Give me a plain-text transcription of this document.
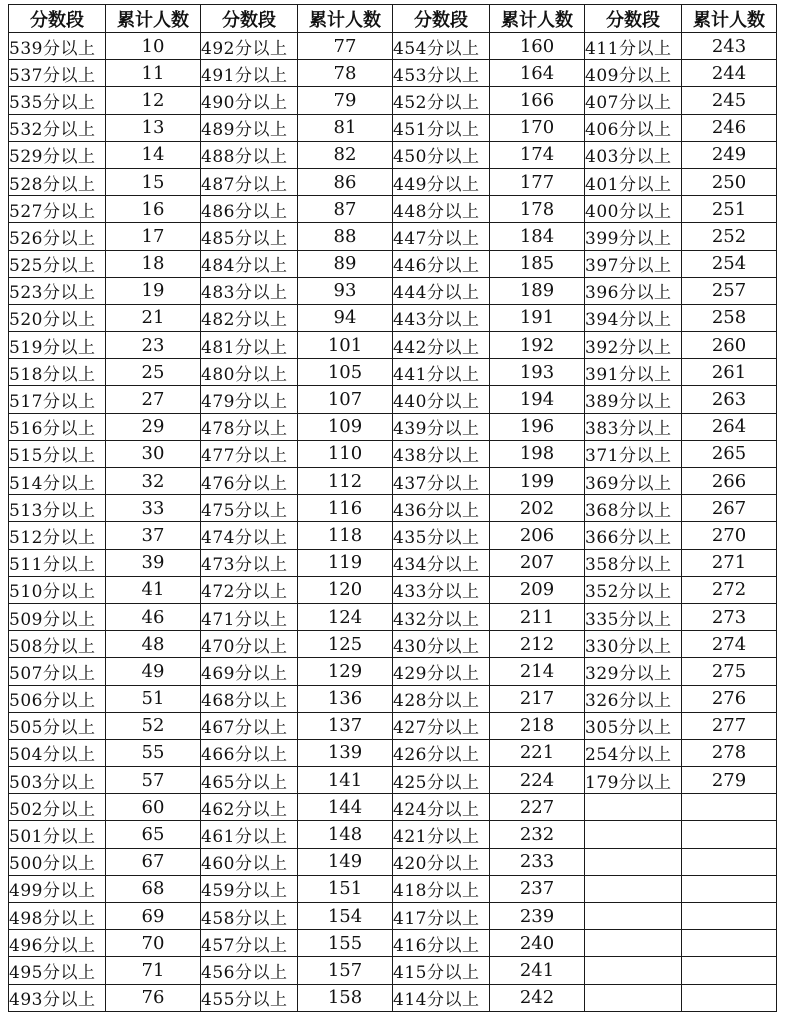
分数段	累计人数	分数段	累计人数	分数段	累计人数	分数段	累计人数
539分以上	10	492分以上	77	454分以上	160	411分以上	243
537分以上	11	491分以上	78	453分以上	164	409分以上	244
535分以上	12	490分以上	79	452分以上	166	407分以上	245
532分以上	13	489分以上	81	451分以上	170	406分以上	246
529分以上	14	488分以上	82	450分以上	174	403分以上	249
528分以上	15	487分以上	86	449分以上	177	401分以上	250
527分以上	16	486分以上	87	448分以上	178	400分以上	251
526分以上	17	485分以上	88	447分以上	184	399分以上	252
525分以上	18	484分以上	89	446分以上	185	397分以上	254
523分以上	19	483分以上	93	444分以上	189	396分以上	257
520分以上	21	482分以上	94	443分以上	191	394分以上	258
519分以上	23	481分以上	101	442分以上	192	392分以上	260
518分以上	25	480分以上	105	441分以上	193	391分以上	261
517分以上	27	479分以上	107	440分以上	194	389分以上	263
516分以上	29	478分以上	109	439分以上	196	383分以上	264
515分以上	30	477分以上	110	438分以上	198	371分以上	265
514分以上	32	476分以上	112	437分以上	199	369分以上	266
513分以上	33	475分以上	116	436分以上	202	368分以上	267
512分以上	37	474分以上	118	435分以上	206	366分以上	270
511分以上	39	473分以上	119	434分以上	207	358分以上	271
510分以上	41	472分以上	120	433分以上	209	352分以上	272
509分以上	46	471分以上	124	432分以上	211	335分以上	273
508分以上	48	470分以上	125	430分以上	212	330分以上	274
507分以上	49	469分以上	129	429分以上	214	329分以上	275
506分以上	51	468分以上	136	428分以上	217	326分以上	276
505分以上	52	467分以上	137	427分以上	218	305分以上	277
504分以上	55	466分以上	139	426分以上	221	254分以上	278
503分以上	57	465分以上	141	425分以上	224	179分以上	279
502分以上	60	462分以上	144	424分以上	227		
501分以上	65	461分以上	148	421分以上	232		
500分以上	67	460分以上	149	420分以上	233		
499分以上	68	459分以上	151	418分以上	237		
498分以上	69	458分以上	154	417分以上	239		
496分以上	70	457分以上	155	416分以上	240		
495分以上	71	456分以上	157	415分以上	241		
493分以上	76	455分以上	158	414分以上	242		
